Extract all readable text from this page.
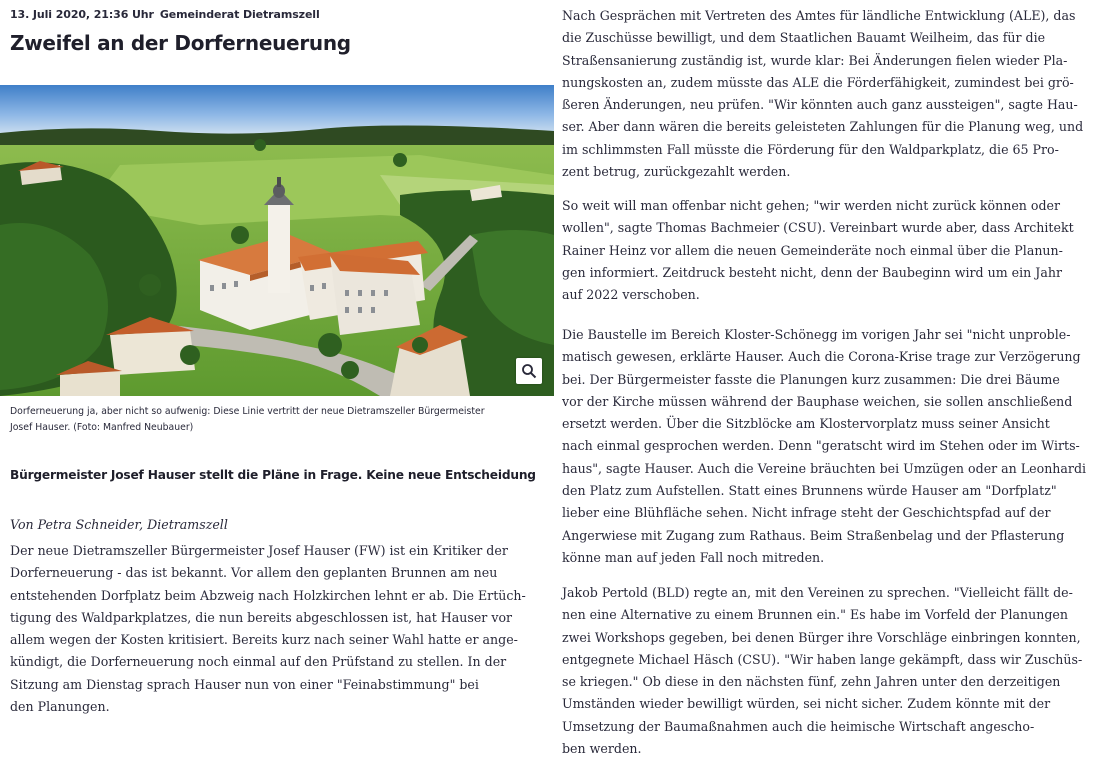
13. Juli 2020, 21:36 Uhr Gemeinderat Dietramszell
Zweifel an der Dorferneuerung

Dorferneuerung ja, aber nicht so aufwenig: Diese Linie vertritt der neue Dietramszeller Bürgermeister
Josef Hauser. (Foto: Manfred Neubauer)

Bürgermeister Josef Hauser stellt die Pläne in Frage. Keine neue Entscheidung
Von Petra Schneider, Dietramszell

Der neue Dietramszeller Bürgermeister Josef Hauser (FW) ist ein Kritiker der
Dorferneuerung - das ist bekannt. Vor allem den geplanten Brunnen am neu
entstehenden Dorfplatz beim Abzweig nach Holzkirchen lehnt er ab. Die Ertüch-
tigung des Waldparkplatzes, die nun bereits abgeschlossen ist, hat Hauser vor
allem wegen der Kosten kritisiert. Bereits kurz nach seiner Wahl hatte er ange-
kündigt, die Dorferneuerung noch einmal auf den Prüfstand zu stellen. In der
Sitzung am Dienstag sprach Hauser nun von einer "Feinabstimmung" bei
den Planungen.

Nach Gesprächen mit Vertreten des Amtes für ländliche Entwicklung (ALE), das
die Zuschüsse bewilligt, und dem Staatlichen Bauamt Weilheim, das für die
Straßensanierung zuständig ist, wurde klar: Bei Änderungen fielen wieder Pla-
nungskosten an, zudem müsste das ALE die Förderfähigkeit, zumindest bei grö-
ßeren Änderungen, neu prüfen. "Wir könnten auch ganz aussteigen", sagte Hau-
ser. Aber dann wären die bereits geleisteten Zahlungen für die Planung weg, und
im schlimmsten Fall müsste die Förderung für den Waldparkplatz, die 65 Pro-
zent betrug, zurückgezahlt werden.

So weit will man offenbar nicht gehen; "wir werden nicht zurück können oder
wollen", sagte Thomas Bachmeier (CSU). Vereinbart wurde aber, dass Architekt
Rainer Heinz vor allem die neuen Gemeinderäte noch einmal über die Planun-
gen informiert. Zeitdruck besteht nicht, denn der Baubeginn wird um ein Jahr
auf 2022 verschoben.

Die Baustelle im Bereich Kloster-Schönegg im vorigen Jahr sei "nicht unproble-
matisch gewesen, erklärte Hauser. Auch die Corona-Krise trage zur Verzögerung
bei. Der Bürgermeister fasste die Planungen kurz zusammen: Die drei Bäume
vor der Kirche müssen während der Bauphase weichen, sie sollen anschließend
ersetzt werden. Über die Sitzblöcke am Klostervorplatz muss seiner Ansicht
nach einmal gesprochen werden. Denn "geratscht wird im Stehen oder im Wirts-
haus", sagte Hauser. Auch die Vereine bräuchten bei Umzügen oder an Leonhardi
den Platz zum Aufstellen. Statt eines Brunnens würde Hauser am "Dorfplatz"
lieber eine Blühfläche sehen. Nicht infrage steht der Geschichtspfad auf der
Angerwiese mit Zugang zum Rathaus. Beim Straßenbelag und der Pflasterung
könne man auf jeden Fall noch mitreden.

Jakob Pertold (BLD) regte an, mit den Vereinen zu sprechen. "Vielleicht fällt de-
nen eine Alternative zu einem Brunnen ein." Es habe im Vorfeld der Planungen
zwei Workshops gegeben, bei denen Bürger ihre Vorschläge einbringen konnten,
entgegnete Michael Häsch (CSU). "Wir haben lange gekämpft, dass wir Zuschüs-
se kriegen." Ob diese in den nächsten fünf, zehn Jahren unter den derzeitigen
Umständen wieder bewilligt würden, sei nicht sicher. Zudem könnte mit der
Umsetzung der Baumaßnahmen auch die heimische Wirtschaft angescho-
ben werden.
